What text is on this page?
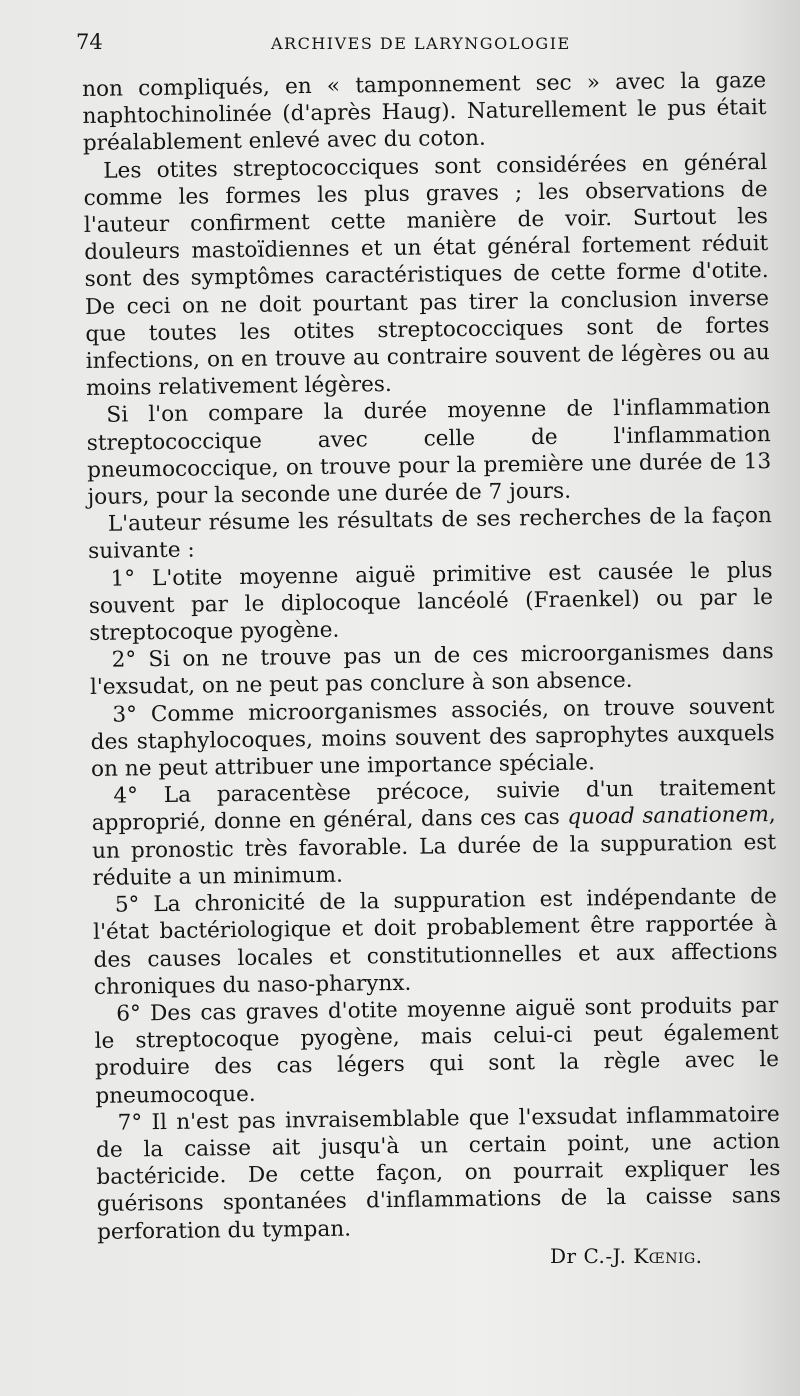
74	ARCHIVES DE LARYNGOLOGIE

non compliqués, en « tamponnement sec » avec la gaze naphtochinolinée (d'après Haug). Naturellement le pus était préalablement enlevé avec du coton.

Les otites streptococciques sont considérées en général comme les formes les plus graves ; les observations de l'auteur confirment cette manière de voir. Surtout les douleurs mastoïdiennes et un état général fortement réduit sont des symptômes caractéristiques de cette forme d'otite. De ceci on ne doit pourtant pas tirer la conclusion inverse que toutes les otites streptococciques sont de fortes infections, on en trouve au contraire souvent de légères ou au moins relativement légères.

Si l'on compare la durée moyenne de l'inflammation streptococcique avec celle de l'inflammation pneumococcique, on trouve pour la première une durée de 13 jours, pour la seconde une durée de 7 jours.

L'auteur résume les résultats de ses recherches de la façon suivante :

1° L'otite moyenne aiguë primitive est causée le plus souvent par le diplocoque lancéolé (Fraenkel) ou par le streptocoque pyogène.

2° Si on ne trouve pas un de ces microorganismes dans l'exsudat, on ne peut pas conclure à son absence.

3° Comme microorganismes associés, on trouve souvent des staphylocoques, moins souvent des saprophytes auxquels on ne peut attribuer une importance spéciale.

4° La paracentèse précoce, suivie d'un traitement approprié, donne en général, dans ces cas quoad sanationem, un pronostic très favorable. La durée de la suppuration est réduite a un minimum.

5° La chronicité de la suppuration est indépendante de l'état bactériologique et doit probablement être rapportée à des causes locales et constitutionnelles et aux affections chroniques du naso-pharynx.

6° Des cas graves d'otite moyenne aiguë sont produits par le streptocoque pyogène, mais celui-ci peut également produire des cas légers qui sont la règle avec le pneumocoque.

7° Il n'est pas invraisemblable que l'exsudat inflammatoire de la caisse ait jusqu'à un certain point, une action bactéricide. De cette façon, on pourrait expliquer les guérisons spontanées d'inflammations de la caisse sans perforation du tympan.

Dr C.-J. Kœnig.
